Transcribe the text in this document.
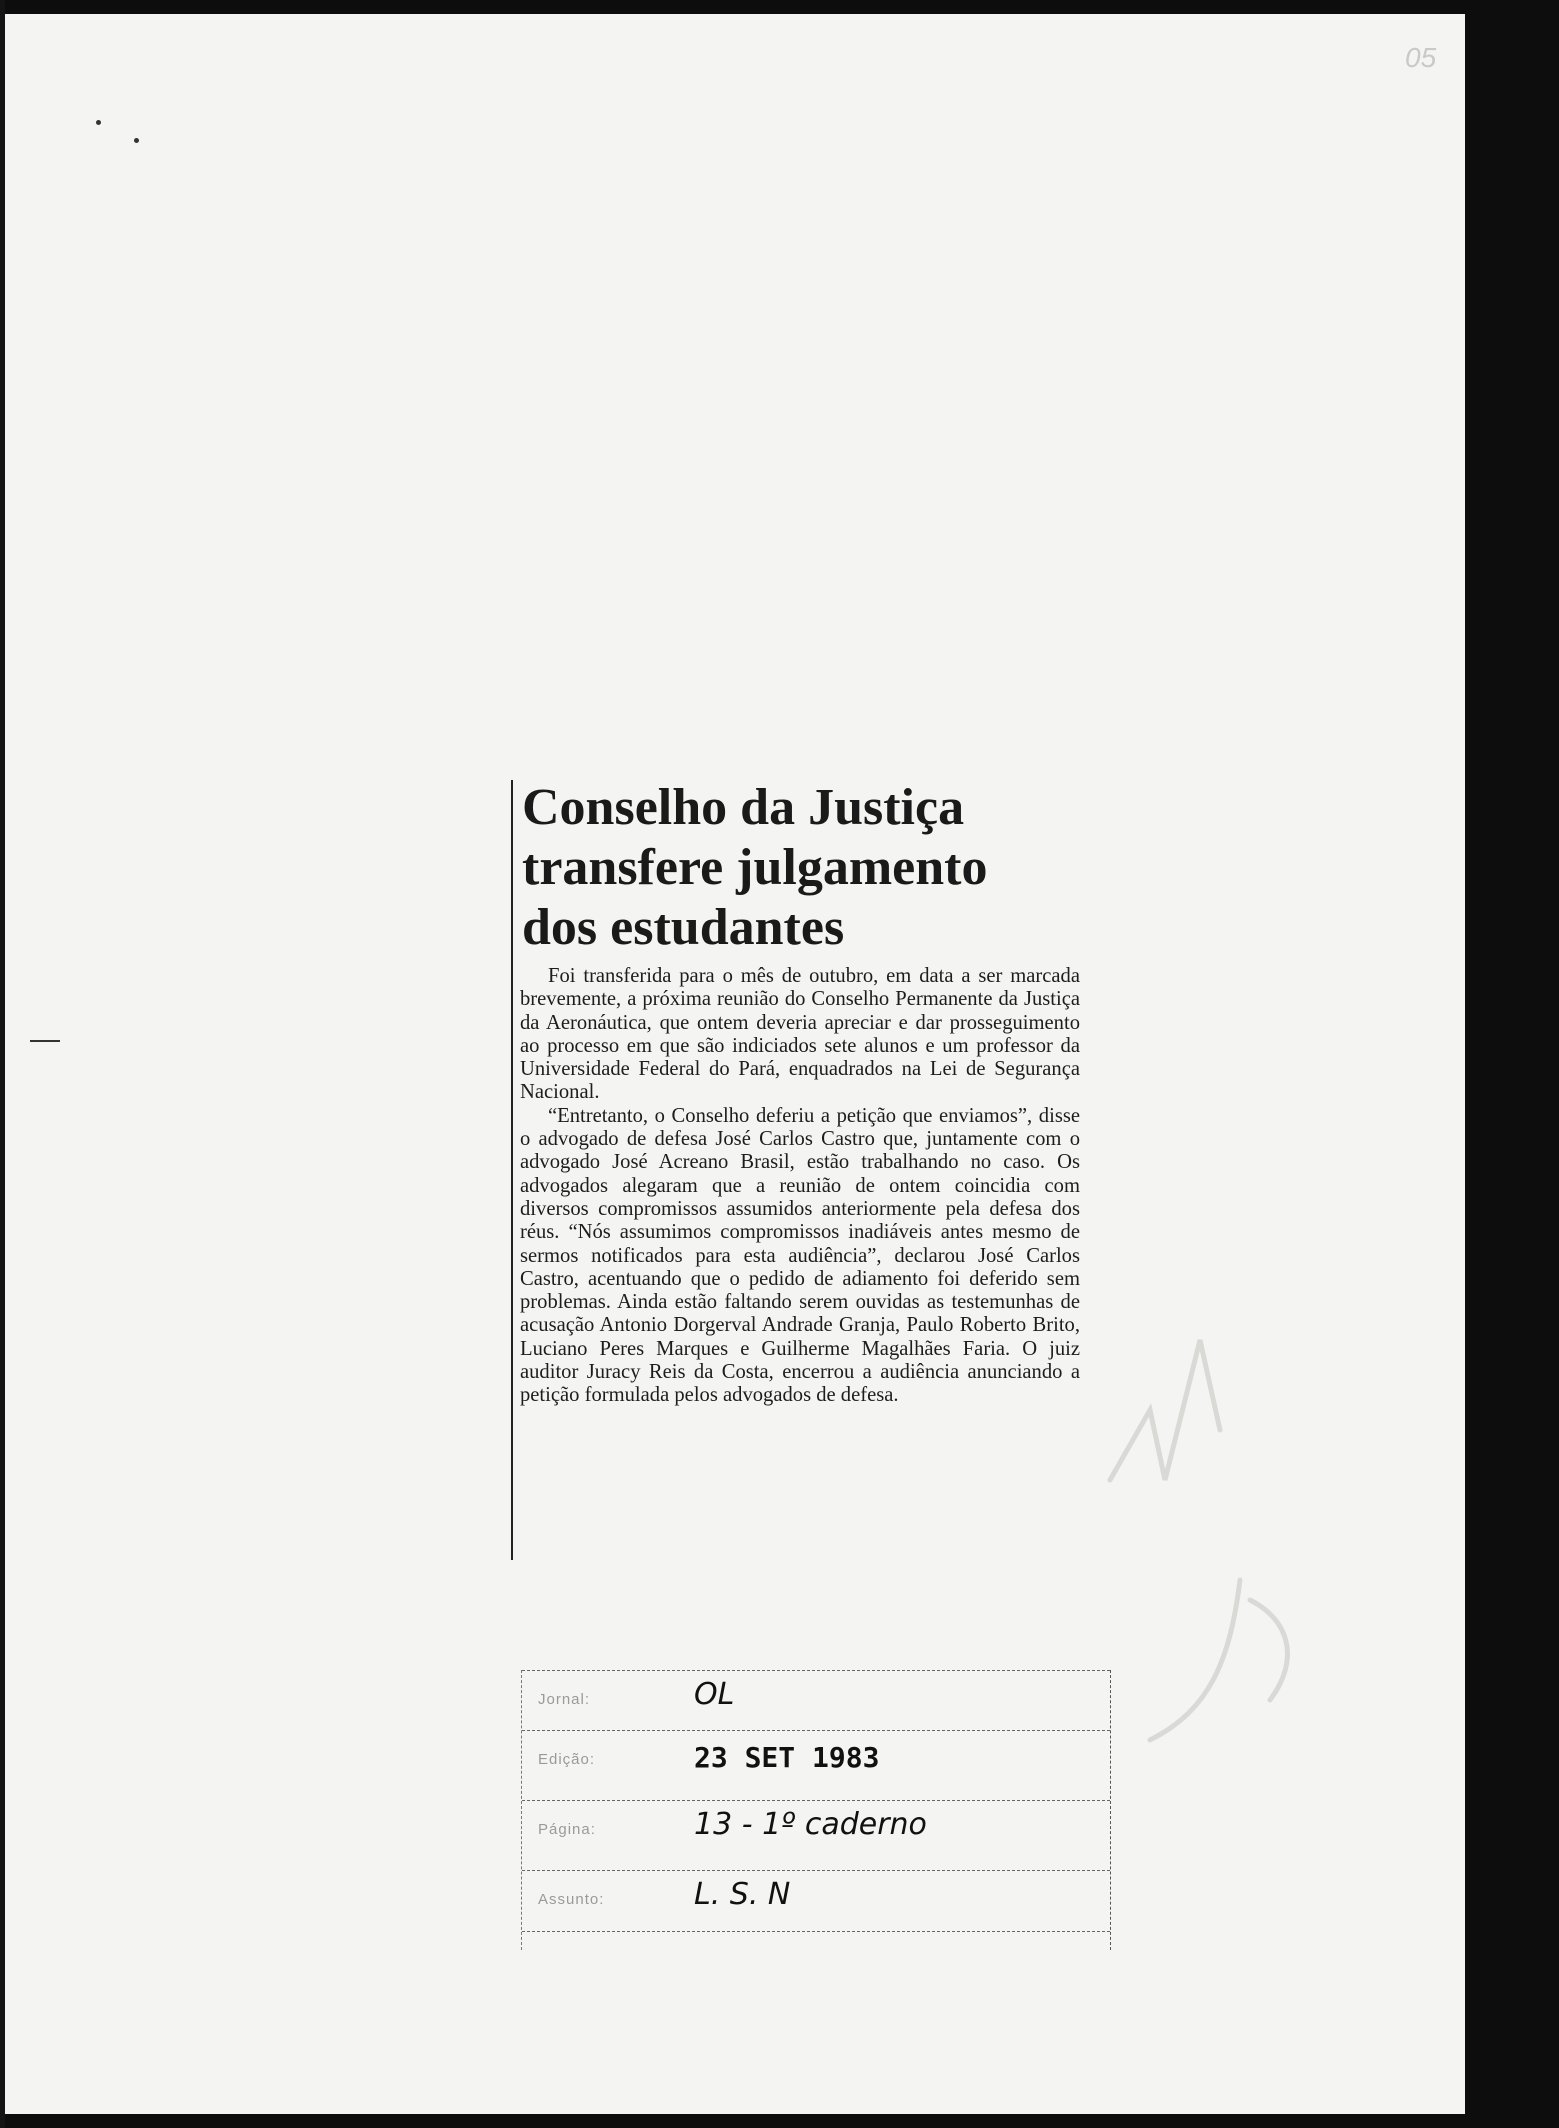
05
Conselho da Justiça
transfere julgamento
dos estudantes

Foi transferida para o mês de outubro, em data a ser marcada brevemente, a próxima reunião do Conselho Permanente da Justiça da Aeronáutica, que ontem deveria apreciar e dar prosseguimento ao processo em que são indiciados sete alunos e um professor da Universidade Federal do Pará, enquadrados na Lei de Segurança Nacional.

“Entretanto, o Conselho deferiu a petição que enviamos”, disse o advogado de defesa José Carlos Castro que, juntamente com o advogado José Acreano Brasil, estão trabalhando no caso. Os advogados alegaram que a reunião de ontem coincidia com diversos compromissos assumidos anteriormente pela defesa dos réus. “Nós assumimos compromissos inadiáveis antes mesmo de sermos notificados para esta audiência”, declarou José Carlos Castro, acentuando que o pedido de adiamento foi deferido sem problemas. Ainda estão faltando serem ouvidas as testemunhas de acusação Antonio Dorgerval Andrade Granja, Paulo Roberto Brito, Luciano Peres Marques e Guilherme Magalhães Faria. O juiz auditor Juracy Reis da Costa, encerrou a audiência anunciando a petição formulada pelos advogados de defesa.

Jornal:	OL
Edição:	23 SET 1983
Página:	13 - 1º caderno
Assunto:	L. S. N
